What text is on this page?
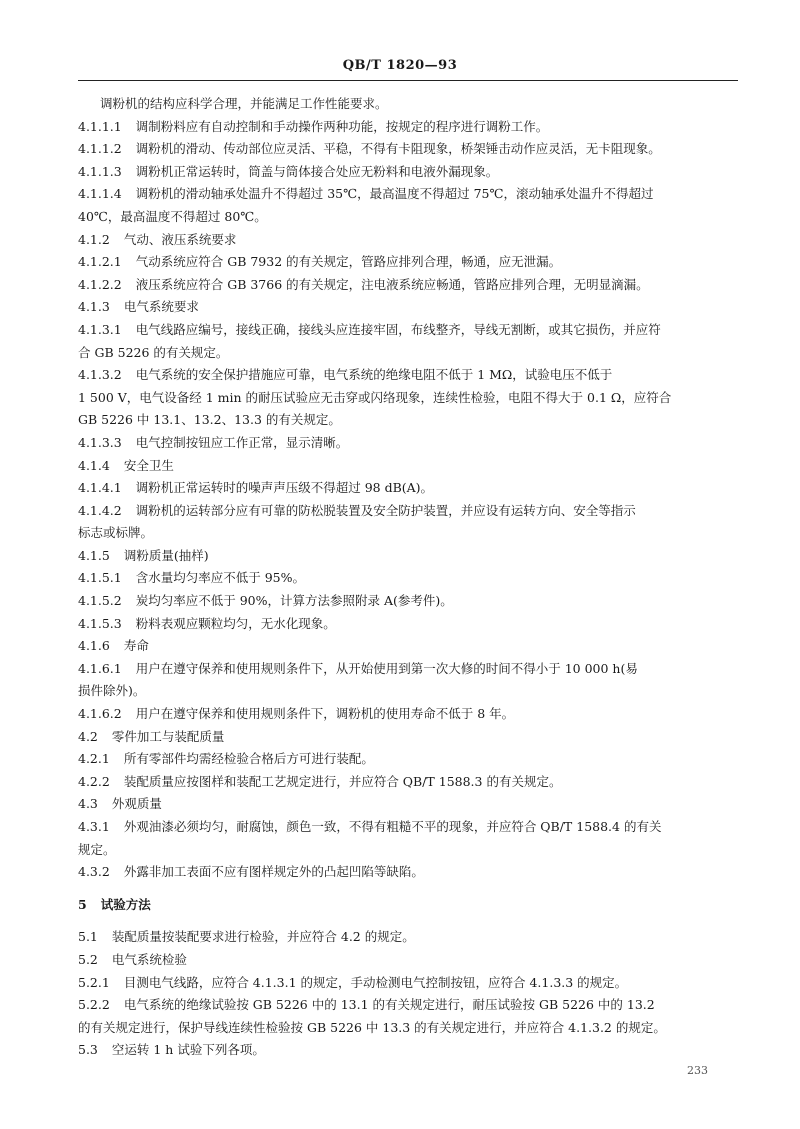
QB/T 1820—93
调粉机的结构应科学合理，并能满足工作性能要求。
4.1.1.1 调制粉料应有自动控制和手动操作两种功能，按规定的程序进行调粉工作。
4.1.1.2 调粉机的滑动、传动部位应灵活、平稳，不得有卡阻现象，桥架锤击动作应灵活，无卡阻现象。
4.1.1.3 调粉机正常运转时，筒盖与筒体接合处应无粉料和电液外漏现象。
4.1.1.4 调粉机的滑动轴承处温升不得超过 35℃，最高温度不得超过 75℃，滚动轴承处温升不得超过
40℃，最高温度不得超过 80℃。
4.1.2 气动、液压系统要求
4.1.2.1 气动系统应符合 GB 7932 的有关规定，管路应排列合理，畅通，应无泄漏。
4.1.2.2 液压系统应符合 GB 3766 的有关规定，注电液系统应畅通，管路应排列合理，无明显滴漏。
4.1.3 电气系统要求
4.1.3.1 电气线路应编号，接线正确，接线头应连接牢固，布线整齐，导线无割断，或其它损伤，并应符
合 GB 5226 的有关规定。
4.1.3.2 电气系统的安全保护措施应可靠，电气系统的绝缘电阻不低于 1 MΩ，试验电压不低于
1 500 V，电气设备经 1 min 的耐压试验应无击穿或闪络现象，连续性检验，电阻不得大于 0.1 Ω，应符合
GB 5226 中 13.1、13.2、13.3 的有关规定。
4.1.3.3 电气控制按钮应工作正常，显示清晰。
4.1.4 安全卫生
4.1.4.1 调粉机正常运转时的噪声声压级不得超过 98 dB(A)。
4.1.4.2 调粉机的运转部分应有可靠的防松脱装置及安全防护装置，并应设有运转方向、安全等指示
标志或标牌。
4.1.5 调粉质量(抽样)
4.1.5.1 含水量均匀率应不低于 95%。
4.1.5.2 炭均匀率应不低于 90%，计算方法参照附录 A(参考件)。
4.1.5.3 粉料表观应颗粒均匀，无水化现象。
4.1.6 寿命
4.1.6.1 用户在遵守保养和使用规则条件下，从开始使用到第一次大修的时间不得小于 10 000 h(易
损件除外)。
4.1.6.2 用户在遵守保养和使用规则条件下，调粉机的使用寿命不低于 8 年。
4.2 零件加工与装配质量
4.2.1 所有零部件均需经检验合格后方可进行装配。
4.2.2 装配质量应按图样和装配工艺规定进行，并应符合 QB/T 1588.3 的有关规定。
4.3 外观质量
4.3.1 外观油漆必须均匀，耐腐蚀，颜色一致，不得有粗糙不平的现象，并应符合 QB/T 1588.4 的有关
规定。
4.3.2 外露非加工表面不应有图样规定外的凸起凹陷等缺陷。
5 试验方法
5.1 装配质量按装配要求进行检验，并应符合 4.2 的规定。
5.2 电气系统检验
5.2.1 目测电气线路，应符合 4.1.3.1 的规定，手动检测电气控制按钮，应符合 4.1.3.3 的规定。
5.2.2 电气系统的绝缘试验按 GB 5226 中的 13.1 的有关规定进行，耐压试验按 GB 5226 中的 13.2
的有关规定进行，保护导线连续性检验按 GB 5226 中 13.3 的有关规定进行，并应符合 4.1.3.2 的规定。
5.3 空运转 1 h 试验下列各项。
233
